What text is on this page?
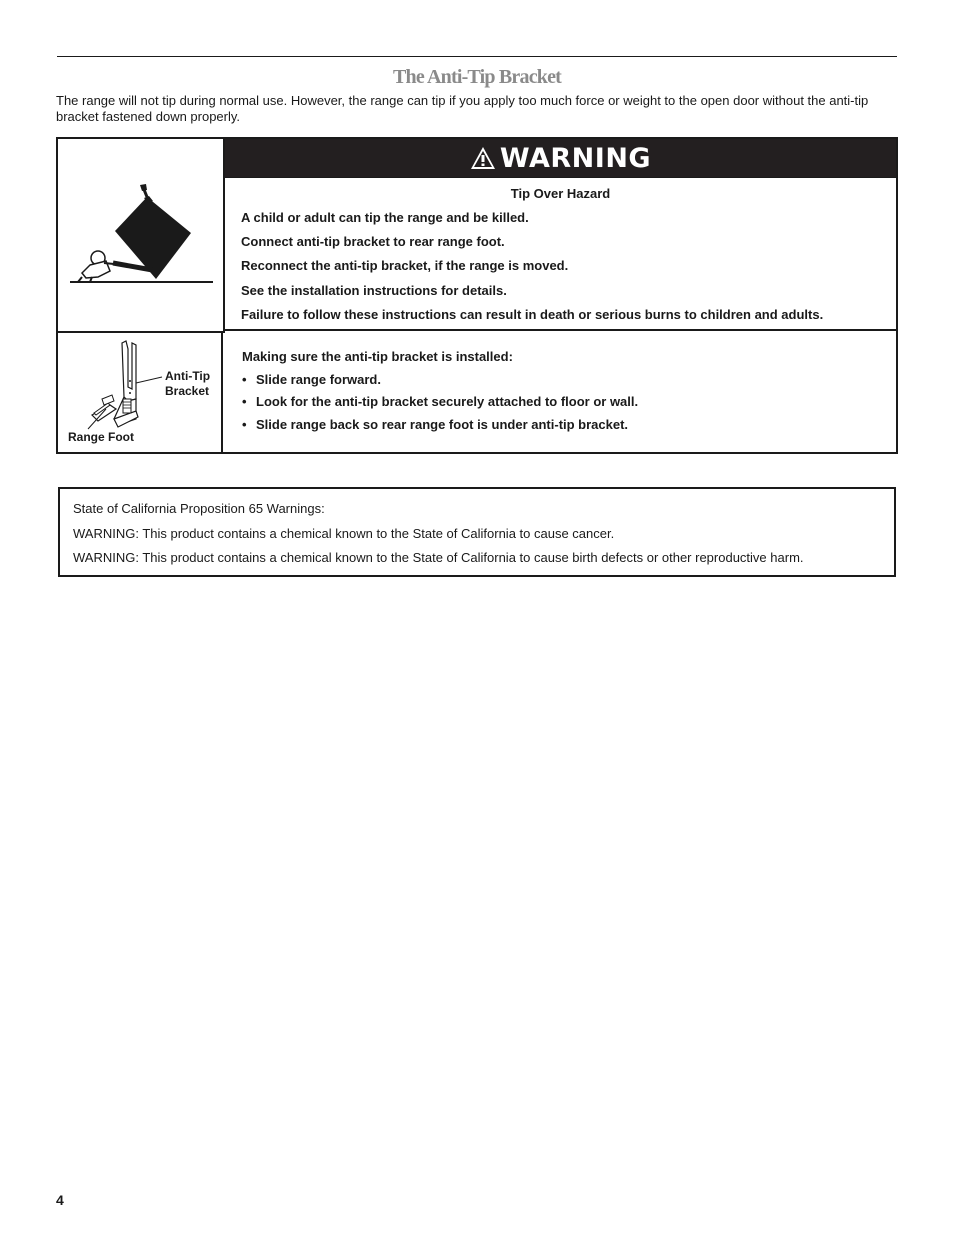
The Anti-Tip Bracket
The range will not tip during normal use. However, the range can tip if you apply too much force or weight to the open door without the anti-tip bracket fastened down properly.
WARNING
Tip Over Hazard
A child or adult can tip the range and be killed.
Connect anti-tip bracket to rear range foot.
Reconnect the anti-tip bracket, if the range is moved.
See the installation instructions for details.
Failure to follow these instructions can result in death or serious burns to children and adults.
Anti-Tip
Bracket
Range Foot
Making sure the anti-tip bracket is installed:
• Slide range forward.
• Look for the anti-tip bracket securely attached to floor or wall.
• Slide range back so rear range foot is under anti-tip bracket.
State of California Proposition 65 Warnings:
WARNING: This product contains a chemical known to the State of California to cause cancer.
WARNING: This product contains a chemical known to the State of California to cause birth defects or other reproductive harm.
4
